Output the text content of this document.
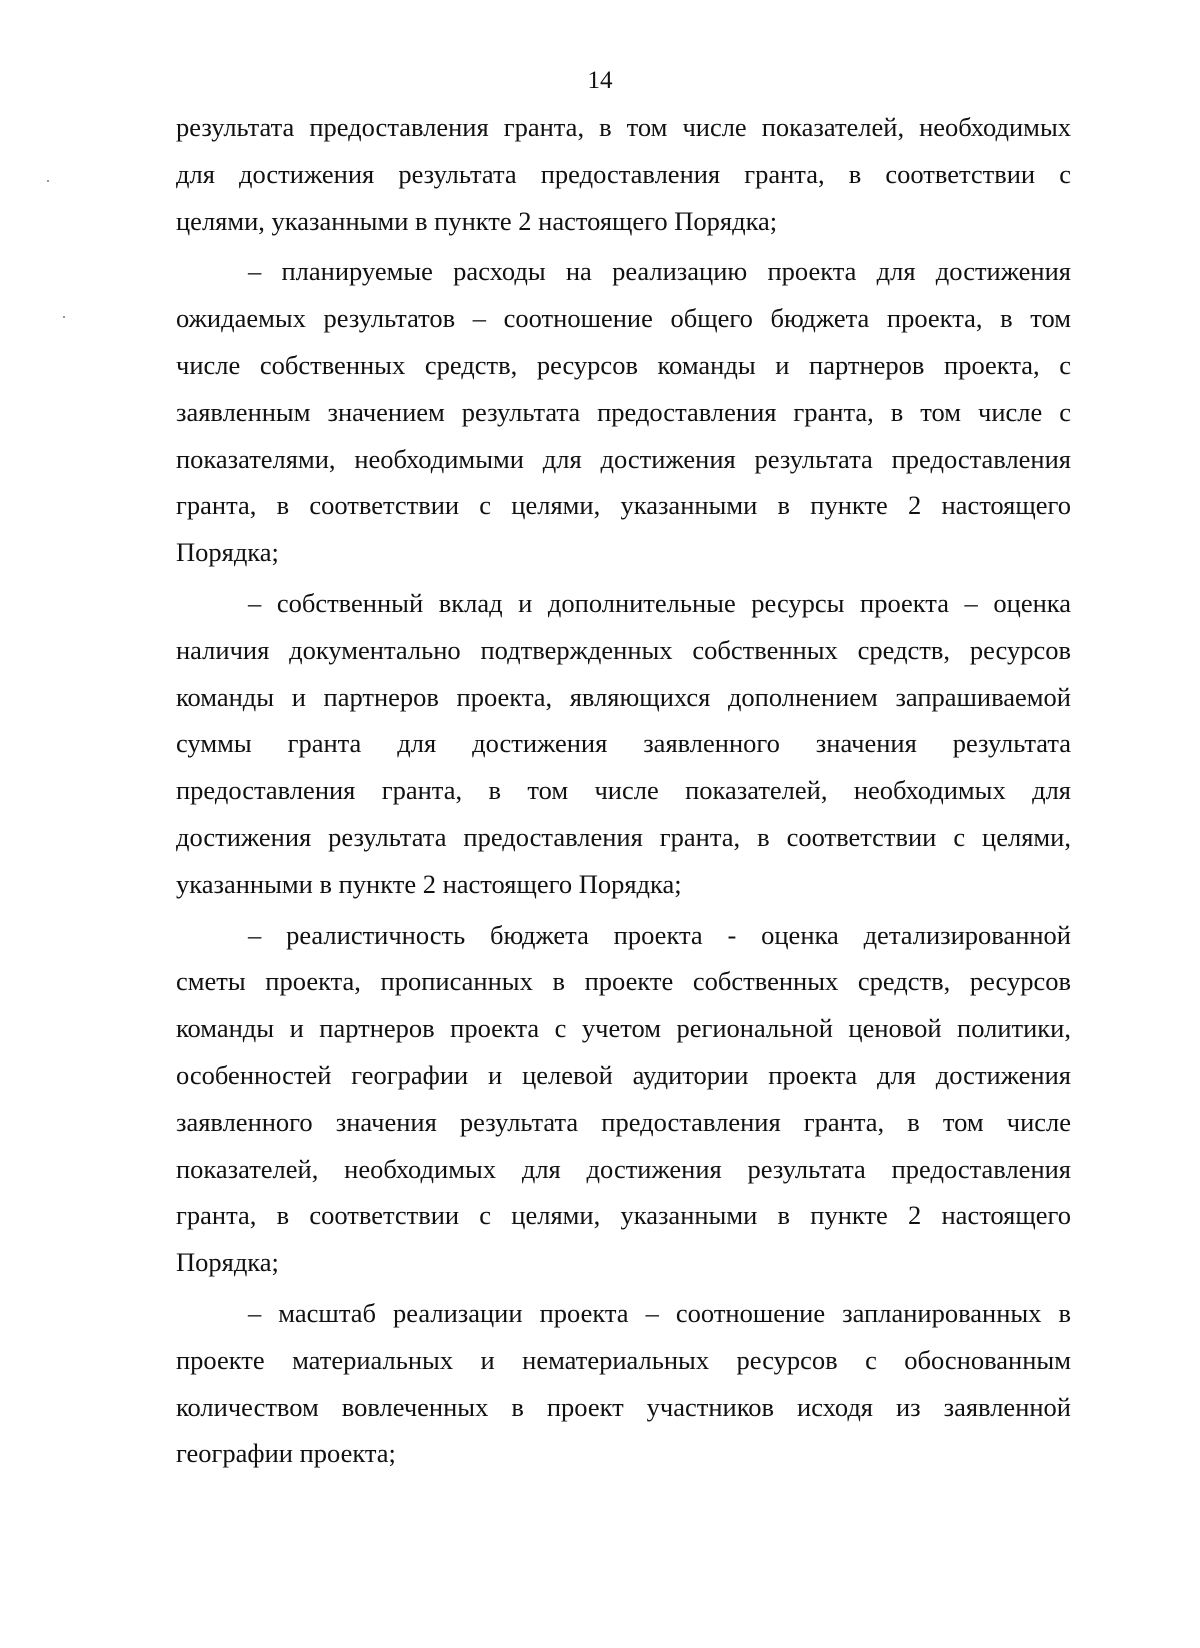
14
результата предоставления гранта, в том числе показателей, необходимых
для достижения результата предоставления гранта, в соответствии с
целями, указанными в пункте 2 настоящего Порядка;
– планируемые расходы на реализацию проекта для достижения
ожидаемых результатов – соотношение общего бюджета проекта, в том
числе собственных средств, ресурсов команды и партнеров проекта, с
заявленным значением результата предоставления гранта, в том числе с
показателями, необходимыми для достижения результата предоставления
гранта, в соответствии с целями, указанными в пункте 2 настоящего
Порядка;
– собственный вклад и дополнительные ресурсы проекта – оценка
наличия документально подтвержденных собственных средств, ресурсов
команды и партнеров проекта, являющихся дополнением запрашиваемой
суммы гранта для достижения заявленного значения результата
предоставления гранта, в том числе показателей, необходимых для
достижения результата предоставления гранта, в соответствии с целями,
указанными в пункте 2 настоящего Порядка;
– реалистичность бюджета проекта - оценка детализированной
сметы проекта, прописанных в проекте собственных средств, ресурсов
команды и партнеров проекта с учетом региональной ценовой политики,
особенностей географии и целевой аудитории проекта для достижения
заявленного значения результата предоставления гранта, в том числе
показателей, необходимых для достижения результата предоставления
гранта, в соответствии с целями, указанными в пункте 2 настоящего
Порядка;
– масштаб реализации проекта – соотношение запланированных в
проекте материальных и нематериальных ресурсов с обоснованным
количеством вовлеченных в проект участников исходя из заявленной
географии проекта;
